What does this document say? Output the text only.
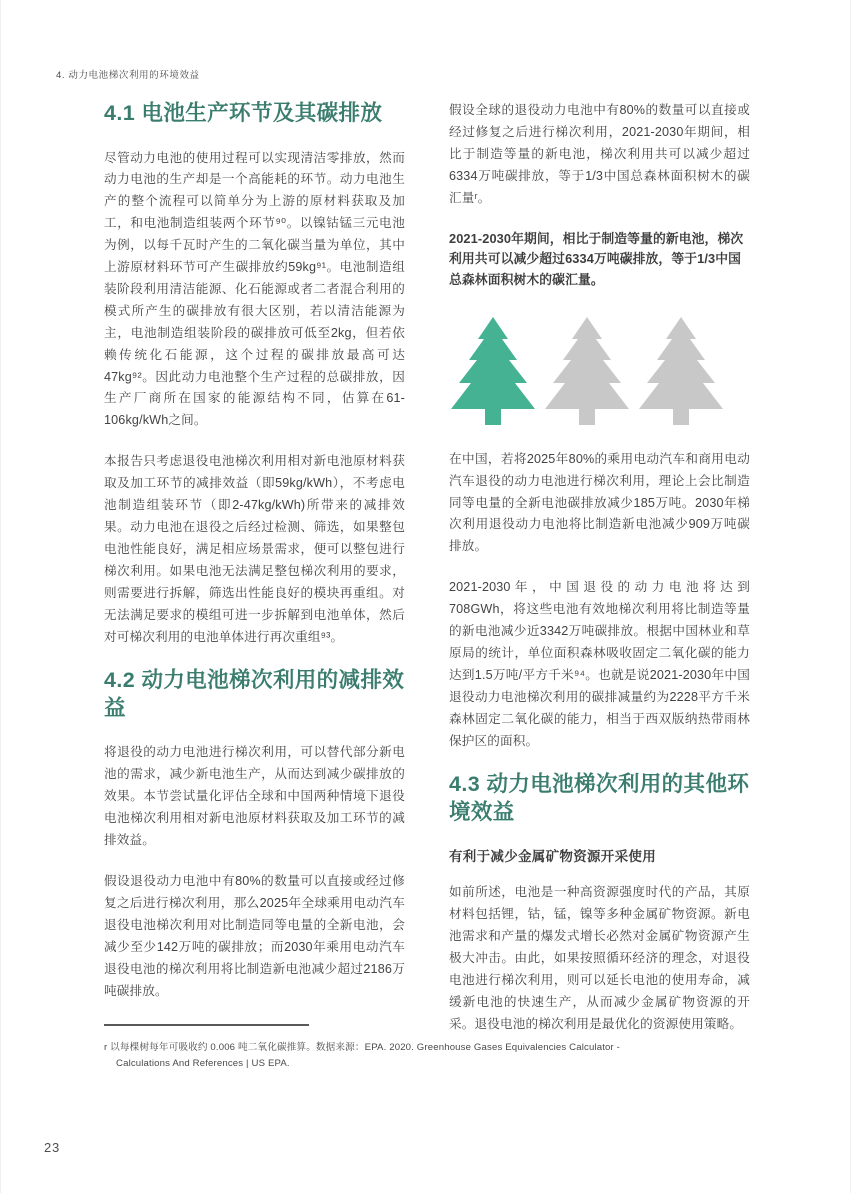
4. 动力电池梯次利用的环境效益
4.1 电池生产环节及其碳排放

尽管动力电池的使用过程可以实现清洁零排放，然而动力电池的生产却是一个高能耗的环节。动力电池生产的整个流程可以简单分为上游的原材料获取及加工，和电池制造组装两个环节⁹⁰。以镍钴锰三元电池为例，以每千瓦时产生的二氧化碳当量为单位，其中上游原材料环节可产生碳排放约59kg⁹¹。电池制造组装阶段利用清洁能源、化石能源或者二者混合利用的模式所产生的碳排放有很大区别，若以清洁能源为主，电池制造组装阶段的碳排放可低至2kg，但若依赖传统化石能源，这个过程的碳排放最高可达47kg⁹²。因此动力电池整个生产过程的总碳排放，因生产厂商所在国家的能源结构不同，估算在61-106kg/kWh之间。

本报告只考虑退役电池梯次利用相对新电池原材料获取及加工环节的减排效益（即59kg/kWh），不考虑电池制造组装环节（即2-47kg/kWh)所带来的减排效果。动力电池在退役之后经过检测、筛选，如果整包电池性能良好，满足相应场景需求，便可以整包进行梯次利用。如果电池无法满足整包梯次利用的要求，则需要进行拆解，筛选出性能良好的模块再重组。对无法满足要求的模组可进一步拆解到电池单体，然后对可梯次利用的电池单体进行再次重组⁹³。

4.2 动力电池梯次利用的减排效益

将退役的动力电池进行梯次利用，可以替代部分新电池的需求，减少新电池生产，从而达到减少碳排放的效果。本节尝试量化评估全球和中国两种情境下退役电池梯次利用相对新电池原材料获取及加工环节的减排效益。

假设退役动力电池中有80%的数量可以直接或经过修复之后进行梯次利用，那么2025年全球乘用电动汽车退役电池梯次利用对比制造同等电量的全新电池，会减少至少142万吨的碳排放；而2030年乘用电动汽车退役电池的梯次利用将比制造新电池减少超过2186万吨碳排放。

假设全球的退役动力电池中有80%的数量可以直接或经过修复之后进行梯次利用，2021-2030年期间，相比于制造等量的新电池，梯次利用共可以减少超过6334万吨碳排放，等于1/3中国总森林面积树木的碳汇量ʳ。

2021-2030年期间，相比于制造等量的新电池，梯次利用共可以减少超过6334万吨碳排放，等于1/3中国总森林面积树木的碳汇量。

在中国，若将2025年80%的乘用电动汽车和商用电动汽车退役的动力电池进行梯次利用，理论上会比制造同等电量的全新电池碳排放减少185万吨。2030年梯次利用退役动力电池将比制造新电池减少909万吨碳排放。

2021-2030年，中国退役的动力电池将达到708GWh，将这些电池有效地梯次利用将比制造等量的新电池减少近3342万吨碳排放。根据中国林业和草原局的统计，单位面积森林吸收固定二氧化碳的能力达到1.5万吨/平方千米⁹⁴。也就是说2021-2030年中国退役动力电池梯次利用的碳排减量约为2228平方千米森林固定二氧化碳的能力，相当于西双版纳热带雨林保护区的面积。

4.3 动力电池梯次利用的其他环境效益
有利于减少金属矿物资源开采使用

如前所述，电池是一种高资源强度时代的产品，其原材料包括锂，钴，锰，镍等多种金属矿物资源。新电池需求和产量的爆发式增长必然对金属矿物资源产生极大冲击。由此，如果按照循环经济的理念，对退役电池进行梯次利用，则可以延长电池的使用寿命，减缓新电池的快速生产，从而减少金属矿物资源的开采。退役电池的梯次利用是最优化的资源使用策略。

r 以每棵树每年可吸收约 0.006 吨二氧化碳推算。数据来源：EPA. 2020. Greenhouse Gases Equivalencies Calculator -
Calculations And References | US EPA.
23
